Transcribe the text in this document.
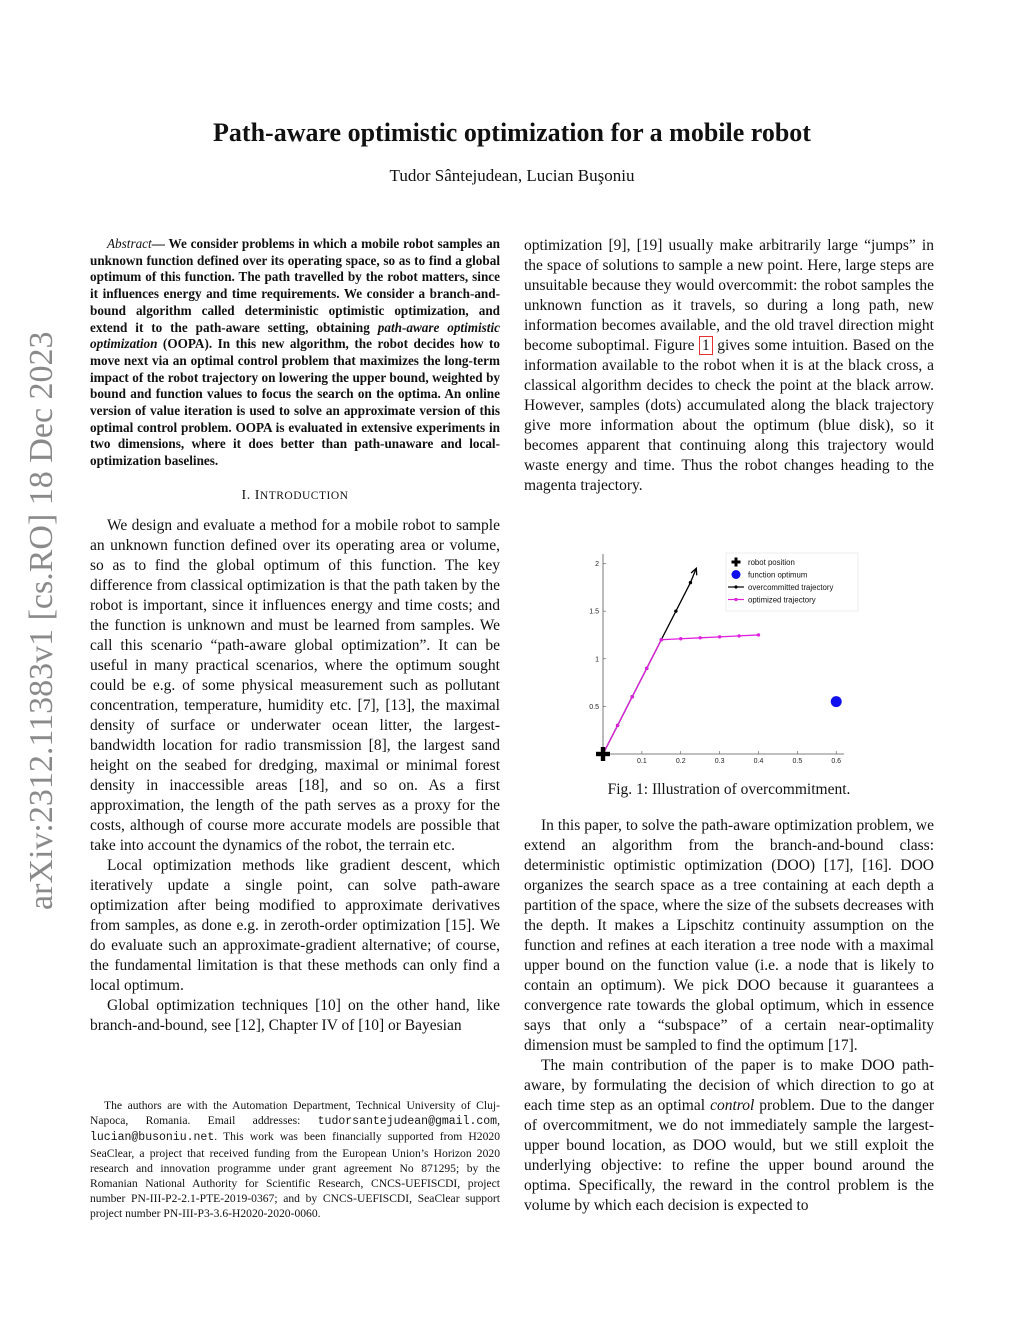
arXiv:2312.11383v1 [cs.RO] 18 Dec 2023
Path-aware optimistic optimization for a mobile robot
Tudor Sântejudean, Lucian Buşoniu

Abstract— We consider problems in which a mobile robot samples an unknown function defined over its operating space, so as to find a global optimum of this function. The path travelled by the robot matters, since it influences energy and time requirements. We consider a branch-and-bound algorithm called deterministic optimistic optimization, and extend it to the path-aware setting, obtaining path-aware optimistic optimization (OOPA). In this new algorithm, the robot decides how to move next via an optimal control problem that maximizes the long-term impact of the robot trajectory on lowering the upper bound, weighted by bound and function values to focus the search on the optima. An online version of value iteration is used to solve an approximate version of this optimal control problem. OOPA is evaluated in extensive experiments in two dimensions, where it does better than path-unaware and local-optimization baselines.

I. INTRODUCTION

We design and evaluate a method for a mobile robot to sample an unknown function defined over its operating area or volume, so as to find the global optimum of this function. The key difference from classical optimization is that the path taken by the robot is important, since it influences energy and time costs; and the function is unknown and must be learned from samples. We call this scenario “path-aware global optimization”. It can be useful in many practical scenarios, where the optimum sought could be e.g. of some physical measurement such as pollutant concentration, temperature, humidity etc. [7], [13], the maximal density of surface or underwater ocean litter, the largest-bandwidth location for radio transmission [8], the largest sand height on the seabed for dredging, maximal or minimal forest density in inaccessible areas [18], and so on. As a first approximation, the length of the path serves as a proxy for the costs, although of course more accurate models are possible that take into account the dynamics of the robot, the terrain etc.

Local optimization methods like gradient descent, which iteratively update a single point, can solve path-aware optimization after being modified to approximate derivatives from samples, as done e.g. in zeroth-order optimization [15]. We do evaluate such an approximate-gradient alternative; of course, the fundamental limitation is that these methods can only find a local optimum.

Global optimization techniques [10] on the other hand, like branch-and-bound, see [12], Chapter IV of [10] or Bayesian

The authors are with the Automation Department, Technical University of Cluj-Napoca, Romania. Email addresses: tudorsantejudean@gmail.com, lucian@busoniu.net. This work was been financially supported from H2020 SeaClear, a project that received funding from the European Union’s Horizon 2020 research and innovation programme under grant agreement No 871295; by the Romanian National Authority for Scientific Research, CNCS-UEFISCDI, project number PN-III-P2-2.1-PTE-2019-0367; and by CNCS-UEFISCDI, SeaClear support project number PN-III-P3-3.6-H2020-2020-0060.

optimization [9], [19] usually make arbitrarily large “jumps” in the space of solutions to sample a new point. Here, large steps are unsuitable because they would overcommit: the robot samples the unknown function as it travels, so during a long path, new information becomes available, and the old travel direction might become suboptimal. Figure 1 gives some intuition. Based on the information available to the robot when it is at the black cross, a classical algorithm decides to check the point at the black arrow. However, samples (dots) accumulated along the black trajectory give more information about the optimum (blue disk), so it becomes apparent that continuing along this trajectory would waste energy and time. Thus the robot changes heading to the magenta trajectory.

0.1	0.2	0.3	0.4	0.5	0.6
0.5
1
1.5
2	robot position
function optimum
overcommitted trajectory
optimized trajectory
Fig. 1: Illustration of overcommitment.

In this paper, to solve the path-aware optimization problem, we extend an algorithm from the branch-and-bound class: deterministic optimistic optimization (DOO) [17], [16]. DOO organizes the search space as a tree containing at each depth a partition of the space, where the size of the subsets decreases with the depth. It makes a Lipschitz continuity assumption on the function and refines at each iteration a tree node with a maximal upper bound on the function value (i.e. a node that is likely to contain an optimum). We pick DOO because it guarantees a convergence rate towards the global optimum, which in essence says that only a “subspace” of a certain near-optimality dimension must be sampled to find the optimum [17].

The main contribution of the paper is to make DOO path-aware, by formulating the decision of which direction to go at each time step as an optimal control problem. Due to the danger of overcommitment, we do not immediately sample the largest-upper bound location, as DOO would, but we still exploit the underlying objective: to refine the upper bound around the optima. Specifically, the reward in the control problem is the volume by which each decision is expected to
